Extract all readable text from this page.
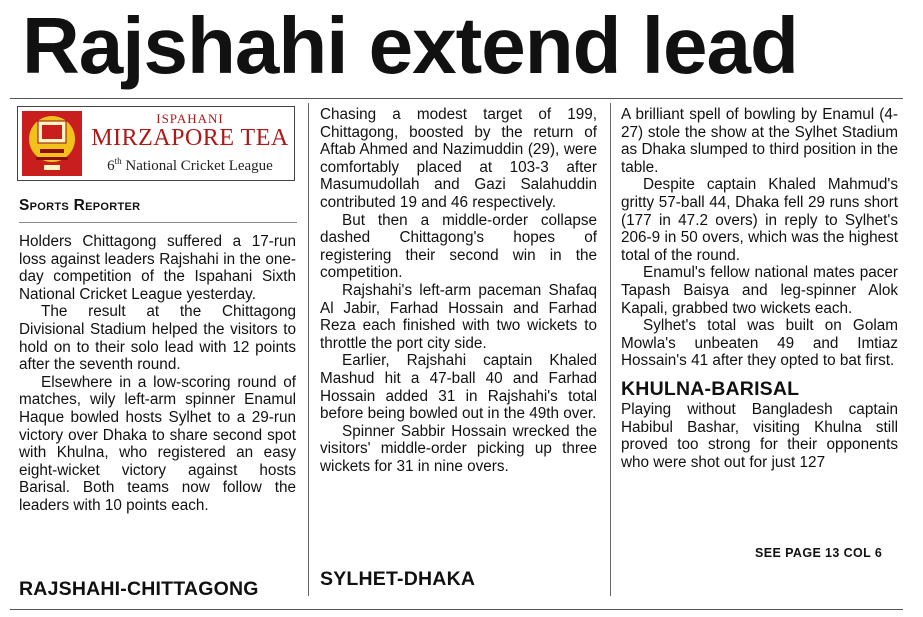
Rajshahi extend lead
ISPAHANI
MIRZAPORE TEA
6th National Cricket League
Sports Reporter

Holders Chittagong suffered a 17-run loss against leaders Rajshahi in the one-day competition of the Ispahani Sixth National Cricket League yesterday.

The result at the Chittagong Divisional Stadium helped the visitors to hold on to their solo lead with 12 points after the seventh round.

Elsewhere in a low-scoring round of matches, wily left-arm spinner Enamul Haque bowled hosts Sylhet to a 29-run victory over Dhaka to share second spot with Khulna, who registered an easy eight-wicket victory against hosts Barisal. Both teams now follow the leaders with 10 points each.

RAJSHAHI-CHITTAGONG

Chasing a modest target of 199, Chittagong, boosted by the return of Aftab Ahmed and Nazimuddin (29), were comfortably placed at 103-3 after Masumudollah and Gazi Salahuddin contributed 19 and 46 respectively.

But then a middle-order collapse dashed Chittagong's hopes of registering their second win in the competition.

Rajshahi's left-arm paceman Shafaq Al Jabir, Farhad Hossain and Farhad Reza each finished with two wickets to throttle the port city side.

Earlier, Rajshahi captain Khaled Mashud hit a 47-ball 40 and Farhad Hossain added 31 in Rajshahi's total before being bowled out in the 49th over.

Spinner Sabbir Hossain wrecked the visitors' middle-order picking up three wickets for 31 in nine overs.

SYLHET-DHAKA

A brilliant spell of bowling by Enamul (4-27) stole the show at the Sylhet Stadium as Dhaka slumped to third position in the table.

Despite captain Khaled Mahmud's gritty 57-ball 44, Dhaka fell 29 runs short (177 in 47.2 overs) in reply to Sylhet's 206-9 in 50 overs, which was the highest total of the round.

Enamul's fellow national mates pacer Tapash Baisya and leg-spinner Alok Kapali, grabbed two wickets each.

Sylhet's total was built on Golam Mowla's unbeaten 49 and Imtiaz Hossain's 41 after they opted to bat first.

KHULNA-BARISAL

Playing without Bangladesh captain Habibul Bashar, visiting Khulna still proved too strong for their opponents who were shot out for just 127

SEE PAGE 13 COL 6
